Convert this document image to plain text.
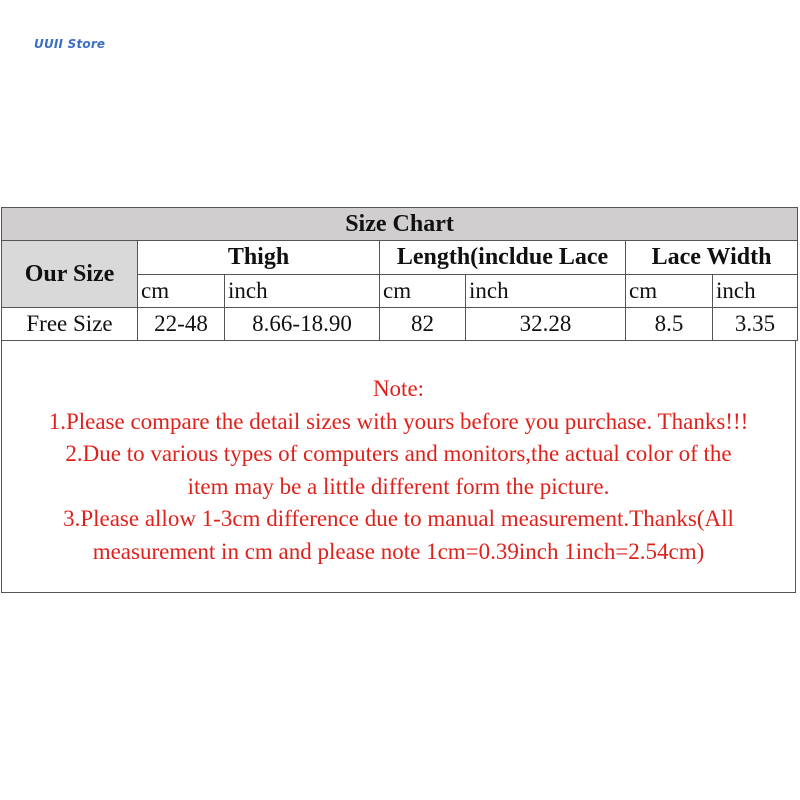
UUII Store
Size Chart						
Our Size	Thigh		Length(incldue Lace		Lace Width	
	cm	inch	cm	inch	cm	inch
Free Size	22-48	8.66-18.90	82	32.28	8.5	3.35
Note:
1.Please compare the detail sizes with yours before you purchase. Thanks!!!
2.Due to various types of computers and monitors,the actual color of the
item may be a little different form the picture.
3.Please allow 1-3cm difference due to manual measurement.Thanks(All
measurement in cm and please note 1cm=0.39inch 1inch=2.54cm)
